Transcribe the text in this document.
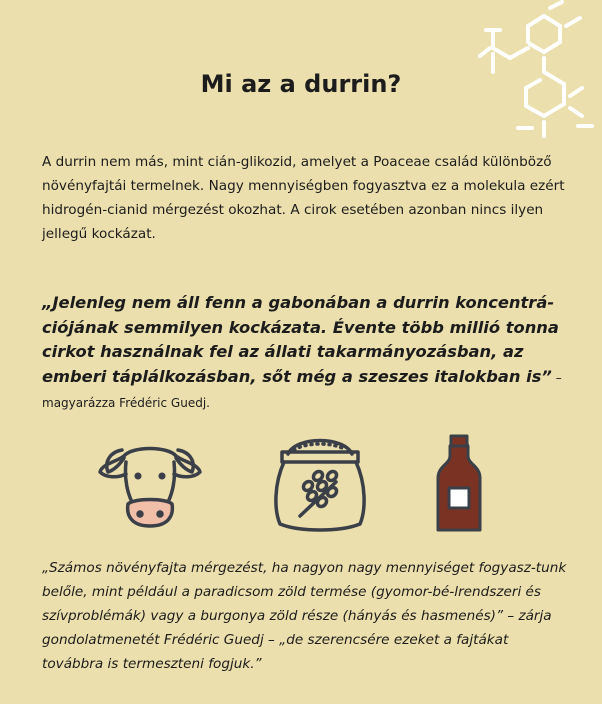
Mi az a durrin?

A durrin nem más, mint cián-glikozid, amelyet a Poaceae család különböző növényfajtái termelnek. Nagy mennyiségben fogyasztva ez a molekula ezért hidrogén-cianid mérgezést okozhat. A cirok esetében azonban nincs ilyen jellegű kockázat.

„Jelenleg nem áll fenn a gabonában a durrin koncentrá-ciójának semmilyen kockázata. Évente több millió tonna cirkot használnak fel az állati takarmányozásban, az emberi táplálkozásban, sőt még a szeszes italokban is” – magyarázza Frédéric Guedj.

„Számos növényfajta mérgezést, ha nagyon nagy mennyiséget fogyasz-tunk belőle, mint például a paradicsom zöld termése (gyomor-bé-lrendszeri és szívproblémák) vagy a burgonya zöld része (hányás és hasmenés)” – zárja gondolatmenetét Frédéric Guedj – „de szerencsére ezeket a fajtákat továbbra is termeszteni fogjuk.”
